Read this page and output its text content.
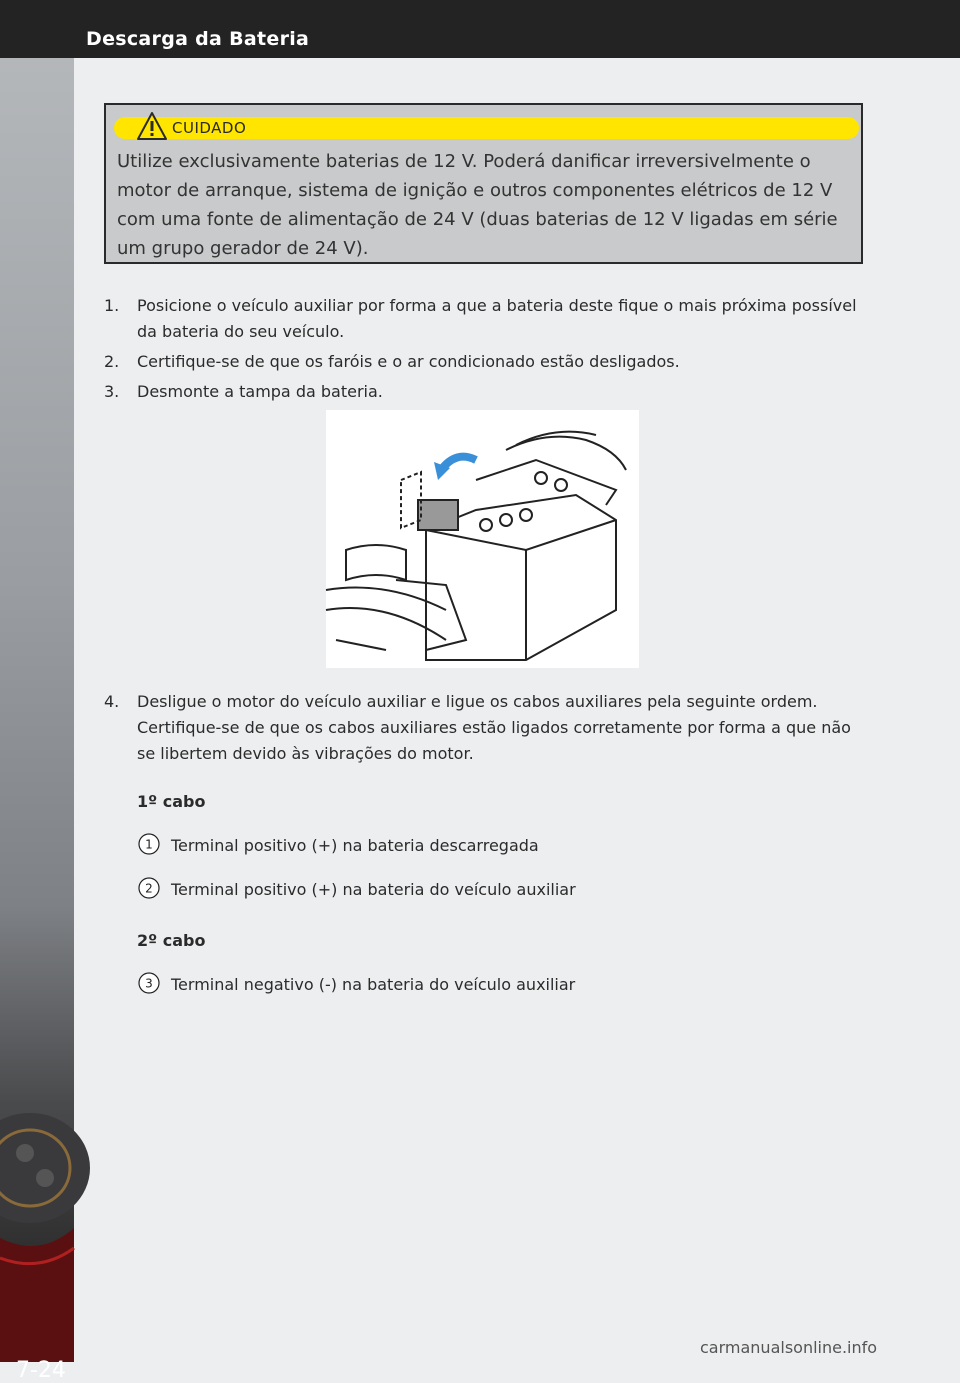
Descarga da Bateria
7-24
CUIDADO
Utilize exclusivamente baterias de 12 V. Poderá danificar irreversivelmente o motor de arranque, sistema de ignição e outros componentes elétricos de 12 V com uma fonte de alimentação de 24 V (duas baterias de 12 V ligadas em série um grupo gerador de 24 V).
1. Posicione o veículo auxiliar por forma a que a bateria deste fique o mais próxima possível da bateria do seu veículo.
2. Certifique-se de que os faróis e o ar condicionado estão desligados.
3. Desmonte a tampa da bateria.
4. Desligue o motor do veículo auxiliar e ligue os cabos auxiliares pela seguinte ordem. Certifique-se de que os cabos auxiliares estão ligados corretamente por forma a que não se libertem devido às vibrações do motor.
1º cabo
1 Terminal positivo (+) na bateria descarregada
2 Terminal positivo (+) na bateria do veículo auxiliar
2º cabo
3 Terminal negativo (-) na bateria do veículo auxiliar
carmanualsonline.info
